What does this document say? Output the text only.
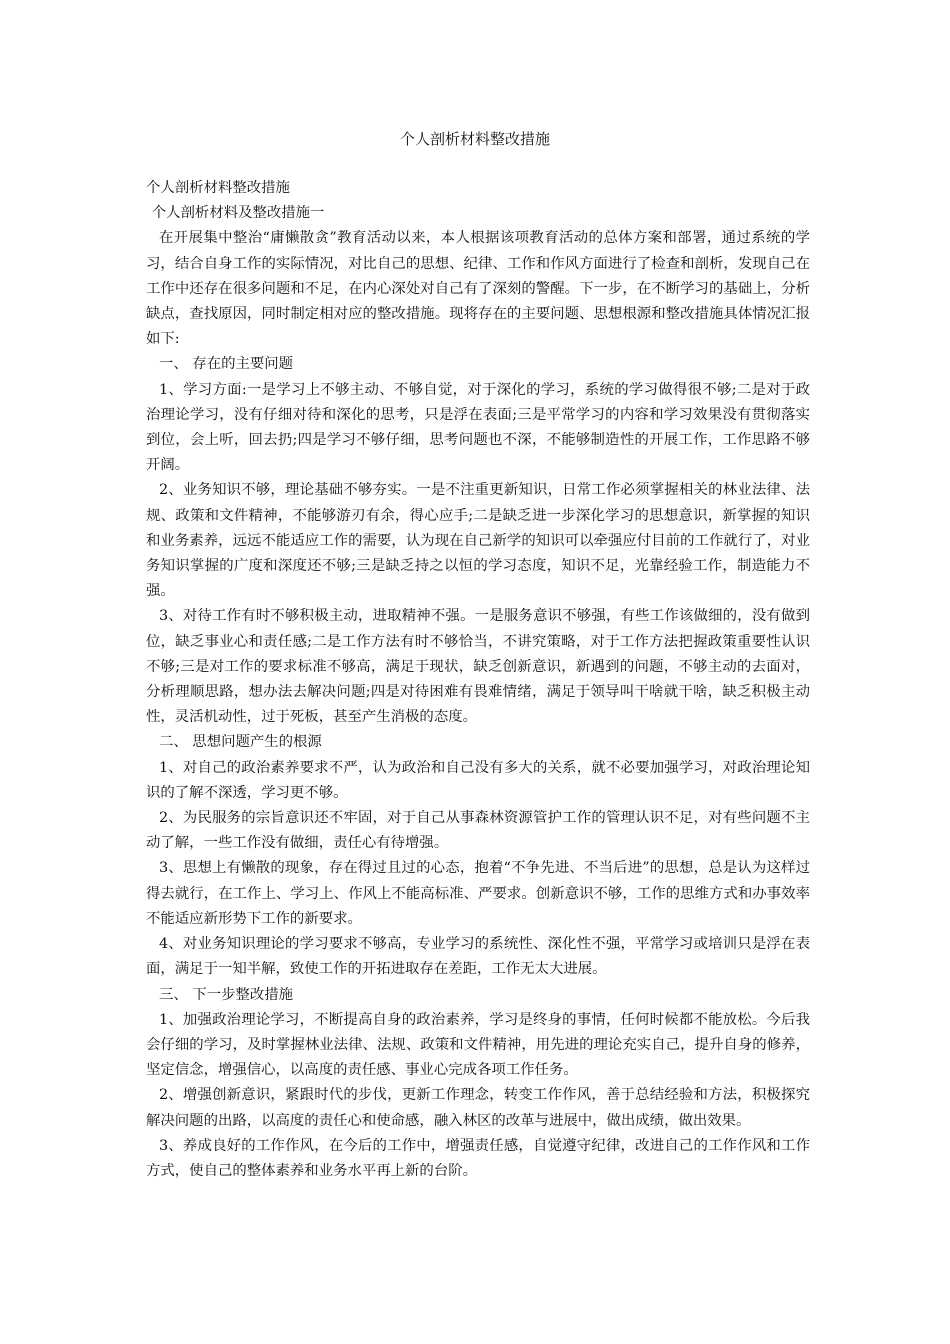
个人剖析材料整改措施

个人剖析材料整改措施

个人剖析材料及整改措施一

在开展集中整治“庸懒散贪”教育活动以来，本人根据该项教育活动的总体方案和部署，通过系统的学习，结合自身工作的实际情况，对比自己的思想、纪律、工作和作风方面进行了检查和剖析，发现自己在工作中还存在很多问题和不足，在内心深处对自己有了深刻的警醒。下一步，在不断学习的基础上，分析缺点，查找原因，同时制定相对应的整改措施。现将存在的主要问题、思想根源和整改措施具体情况汇报如下:

一、 存在的主要问题

1、学习方面:一是学习上不够主动、不够自觉，对于深化的学习，系统的学习做得很不够;二是对于政治理论学习，没有仔细对待和深化的思考，只是浮在表面;三是平常学习的内容和学习效果没有贯彻落实到位，会上听，回去扔;四是学习不够仔细，思考问题也不深，不能够制造性的开展工作，工作思路不够开阔。

2、业务知识不够，理论基础不够夯实。一是不注重更新知识，日常工作必须掌握相关的林业法律、法规、政策和文件精神，不能够游刃有余，得心应手;二是缺乏进一步深化学习的思想意识，新掌握的知识和业务素养，远远不能适应工作的需要，认为现在自己新学的知识可以牵强应付目前的工作就行了，对业务知识掌握的广度和深度还不够;三是缺乏持之以恒的学习态度，知识不足，光靠经验工作，制造能力不强。

3、对待工作有时不够积极主动，进取精神不强。一是服务意识不够强，有些工作该做细的，没有做到位，缺乏事业心和责任感;二是工作方法有时不够恰当，不讲究策略，对于工作方法把握政策重要性认识不够;三是对工作的要求标准不够高，满足于现状，缺乏创新意识，新遇到的问题，不够主动的去面对，分析理顺思路，想办法去解决问题;四是对待困难有畏难情绪，满足于领导叫干啥就干啥，缺乏积极主动性，灵活机动性，过于死板，甚至产生消极的态度。

二、 思想问题产生的根源

1、对自己的政治素养要求不严，认为政治和自己没有多大的关系，就不必要加强学习，对政治理论知识的了解不深透，学习更不够。

2、为民服务的宗旨意识还不牢固，对于自己从事森林资源管护工作的管理认识不足，对有些问题不主动了解，一些工作没有做细，责任心有待增强。

3、思想上有懒散的现象，存在得过且过的心态，抱着“不争先进、不当后进”的思想，总是认为这样过得去就行，在工作上、学习上、作风上不能高标准、严要求。创新意识不够，工作的思维方式和办事效率不能适应新形势下工作的新要求。

4、对业务知识理论的学习要求不够高，专业学习的系统性、深化性不强，平常学习或培训只是浮在表面，满足于一知半解，致使工作的开拓进取存在差距，工作无太大进展。

三、 下一步整改措施

1、加强政治理论学习，不断提高自身的政治素养，学习是终身的事情，任何时候都不能放松。今后我会仔细的学习，及时掌握林业法律、法规、政策和文件精神，用先进的理论充实自己，提升自身的修养，坚定信念，增强信心，以高度的责任感、事业心完成各项工作任务。

2、增强创新意识，紧跟时代的步伐，更新工作理念，转变工作作风，善于总结经验和方法，积极探究解决问题的出路，以高度的责任心和使命感，融入林区的改革与进展中，做出成绩，做出效果。

3、养成良好的工作作风，在今后的工作中，增强责任感，自觉遵守纪律，改进自己的工作作风和工作方式，使自己的整体素养和业务水平再上新的台阶。
